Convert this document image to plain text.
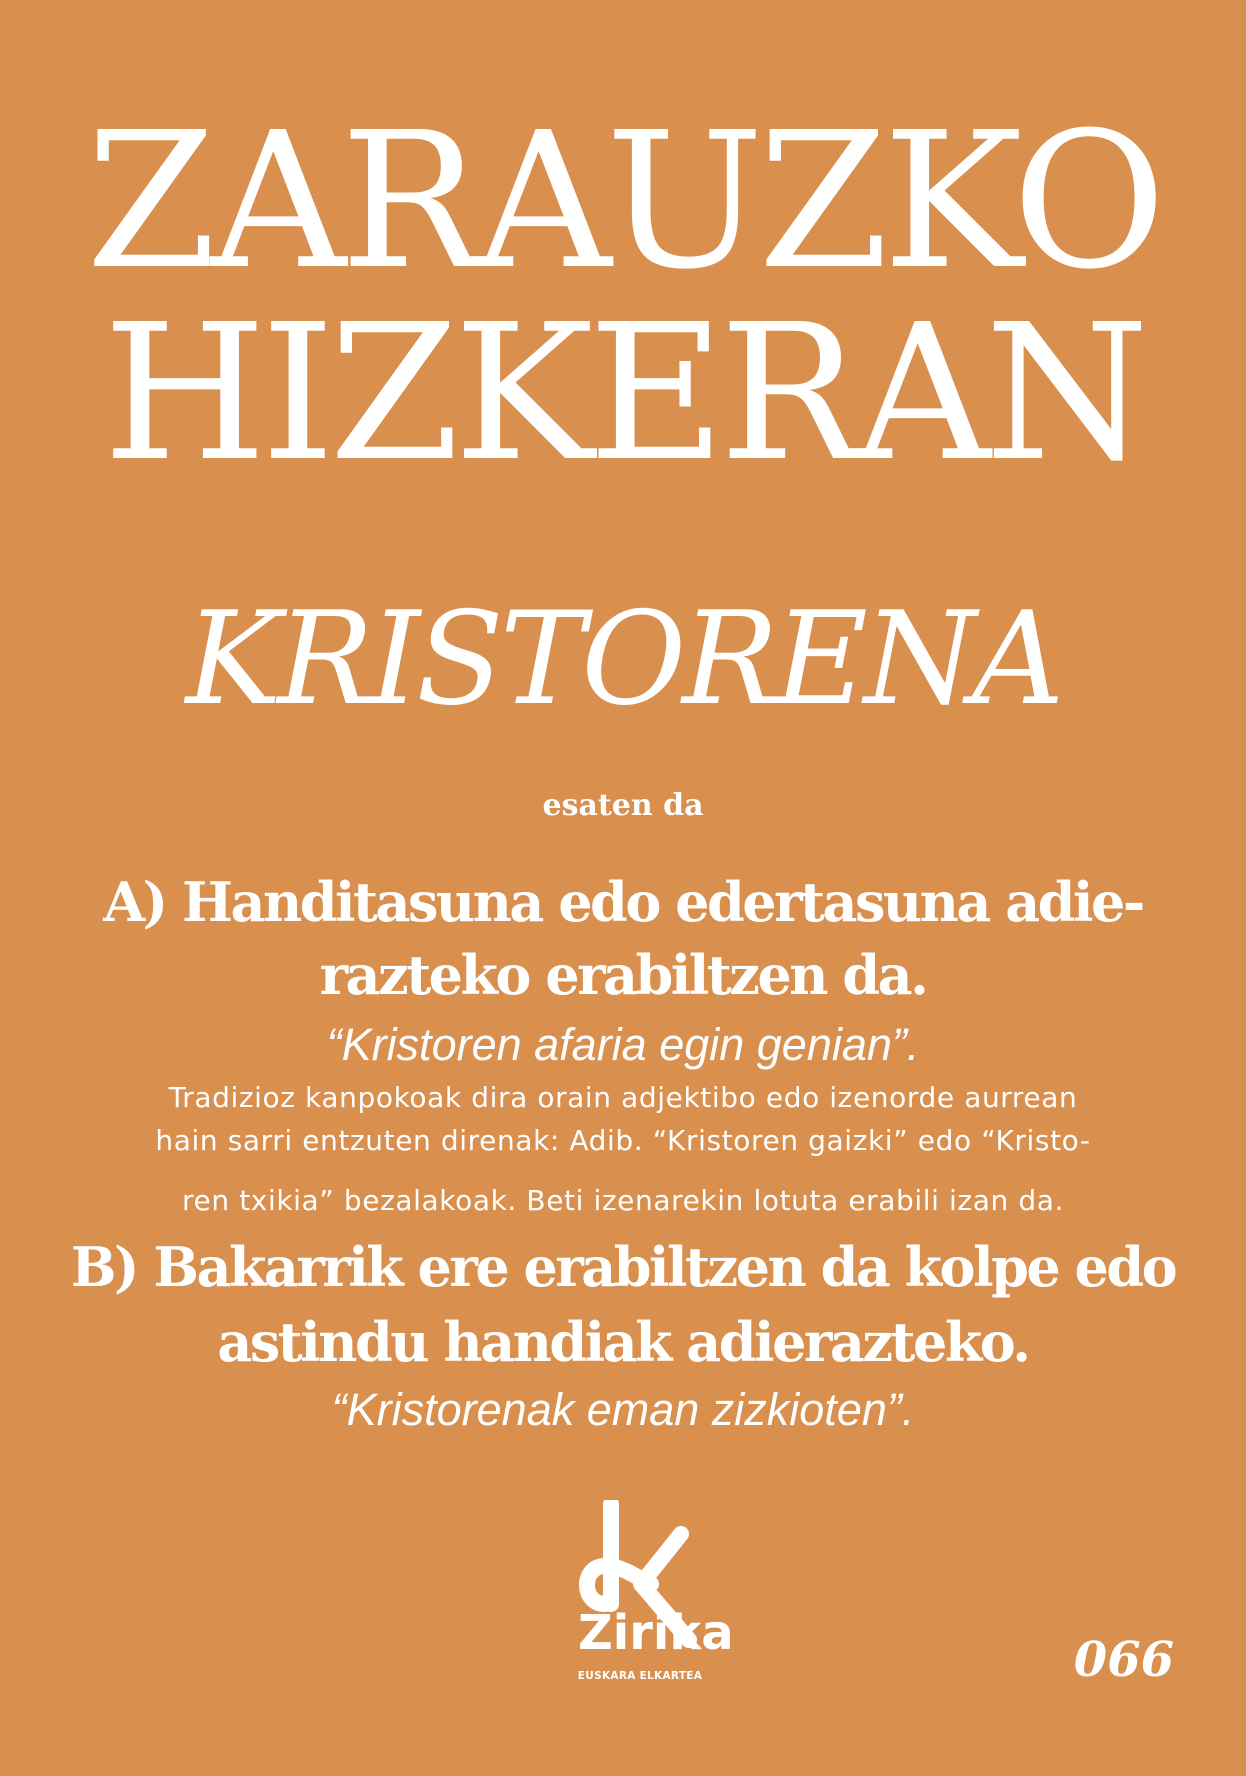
ZARAUZKO
HIZKERAN
KRISTORENA
esaten da
A) Handitasuna edo edertasuna adie-
razteko erabiltzen da.
“Kristoren afaria egin genian”.
Tradizioz kanpokoak dira orain adjektibo edo izenorde aurrean
hain sarri entzuten direnak: Adib. “Kristoren gaizki” edo “Kristo-
ren txikia” bezalakoak. Beti izenarekin lotuta erabili izan da.
B) Bakarrik ere erabiltzen da kolpe edo
astindu handiak adierazteko.
“Kristorenak eman zizkioten”.
Zirika
EUSKARA ELKARTEA	066
